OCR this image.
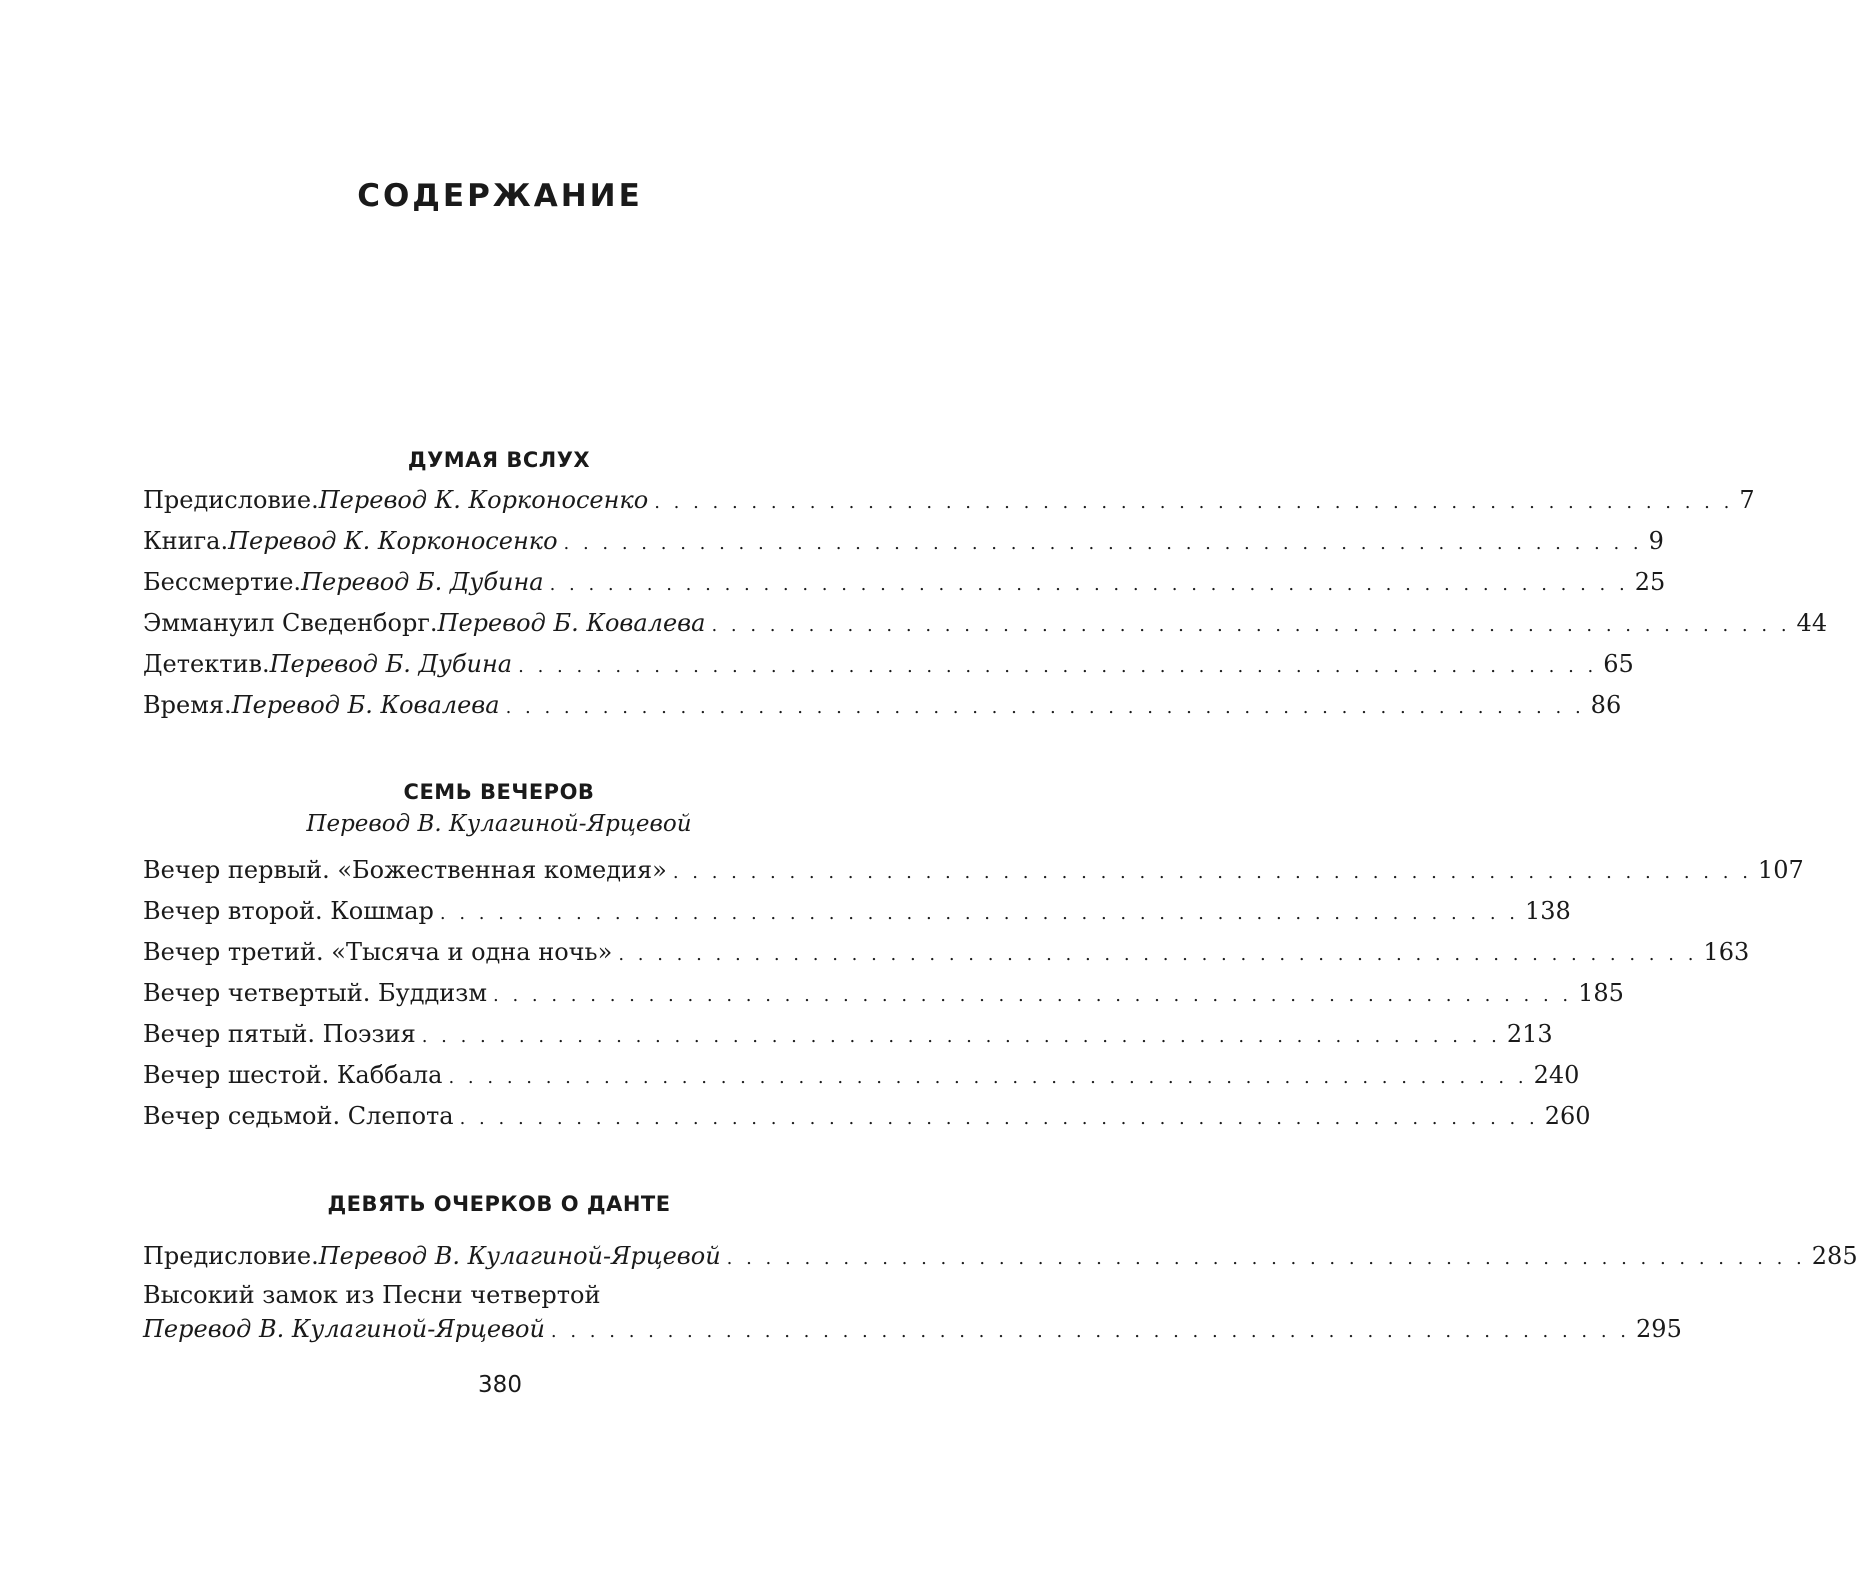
СОДЕРЖАНИЕ
ДУМАЯ ВСЛУХ
Предисловие. Перевод К. Корконосенко . . . . . . . . . . . . . . . . . . . . . . . . . . . . . . . . . . . . . . . . . . . . . . . . . . . . . . . . 7
Книга. Перевод К. Корконосенко . . . . . . . . . . . . . . . . . . . . . . . . . . . . . . . . . . . . . . . . . . . . . . . . . . . . . . . . 9
Бессмертие. Перевод Б. Дубина . . . . . . . . . . . . . . . . . . . . . . . . . . . . . . . . . . . . . . . . . . . . . . . . . . . . . . . . 25
Эммануил Сведенборг. Перевод Б. Ковалева . . . . . . . . . . . . . . . . . . . . . . . . . . . . . . . . . . . . . . . . . . . . . . . . . . . . . . . . 44
Детектив. Перевод Б. Дубина . . . . . . . . . . . . . . . . . . . . . . . . . . . . . . . . . . . . . . . . . . . . . . . . . . . . . . . . 65
Время. Перевод Б. Ковалева . . . . . . . . . . . . . . . . . . . . . . . . . . . . . . . . . . . . . . . . . . . . . . . . . . . . . . . . 86
СЕМЬ ВЕЧЕРОВ
Перевод В. Кулагиной-Ярцевой
Вечер первый. «Божественная комедия» . . . . . . . . . . . . . . . . . . . . . . . . . . . . . . . . . . . . . . . . . . . . . . . . . . . . . . . . 107
Вечер второй. Кошмар . . . . . . . . . . . . . . . . . . . . . . . . . . . . . . . . . . . . . . . . . . . . . . . . . . . . . . . . 138
Вечер третий. «Тысяча и одна ночь» . . . . . . . . . . . . . . . . . . . . . . . . . . . . . . . . . . . . . . . . . . . . . . . . . . . . . . . . 163
Вечер четвертый. Буддизм . . . . . . . . . . . . . . . . . . . . . . . . . . . . . . . . . . . . . . . . . . . . . . . . . . . . . . . . 185
Вечер пятый. Поэзия . . . . . . . . . . . . . . . . . . . . . . . . . . . . . . . . . . . . . . . . . . . . . . . . . . . . . . . . 213
Вечер шестой. Каббала . . . . . . . . . . . . . . . . . . . . . . . . . . . . . . . . . . . . . . . . . . . . . . . . . . . . . . . . 240
Вечер седьмой. Слепота . . . . . . . . . . . . . . . . . . . . . . . . . . . . . . . . . . . . . . . . . . . . . . . . . . . . . . . . 260
ДЕВЯТЬ ОЧЕРКОВ О ДАНТЕ
Предисловие. Перевод В. Кулагиной-Ярцевой . . . . . . . . . . . . . . . . . . . . . . . . . . . . . . . . . . . . . . . . . . . . . . . . . . . . . . . . 285
Высокий замок из Песни четвертой
Перевод В. Кулагиной-Ярцевой . . . . . . . . . . . . . . . . . . . . . . . . . . . . . . . . . . . . . . . . . . . . . . . . . . . . . . . . 295
380
